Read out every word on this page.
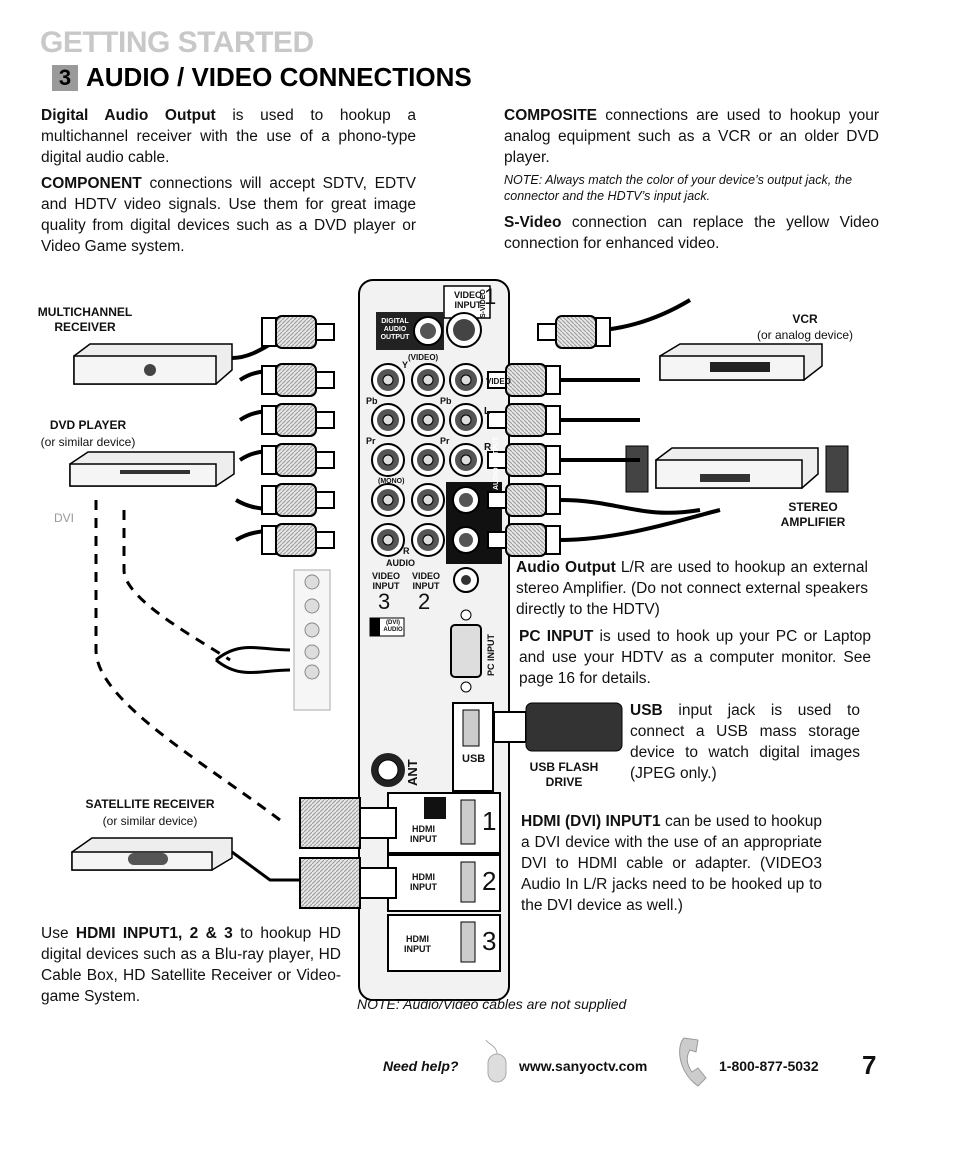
GETTING STARTED
3 AUDIO / VIDEO CONNECTIONS
Digital Audio Output is used to hookup a multichannel receiver with the use of a phono-type digital audio cable.
COMPONENT connections will accept SDTV, EDTV and HDTV video signals. Use them for great image quality from digital devices such as a DVD player or Video Game system.
COMPOSITE connections are used to hookup your analog equipment such as a VCR or an older DVD player.
NOTE: Always match the color of your device’s output jack, the connector and the HDTV’s input jack.
S-Video connection can replace the yellow Video connection for enhanced video.
VIDEO INPUT 1
DIGITAL AUDIO OUTPUT
(VIDEO)
S-VIDEO
Y
Pb	Pb
Pr	Pr
VIDEO
L
R
(MONO)
R
AUDIO
AUDIO OUTPUT
VIDEO INPUT
3
VIDEO INPUT
2
(DVI) AUDIO
PC INPUT
ANT
USB
HDMI
INPUT
1
HDMI
INPUT 2
HDMI
INPUT 3
MULTICHANNEL RECEIVER
VCR
(or analog device)
DVD PLAYER
(or similar device)
DVI
STEREO AMPLIFIER
SATELLITE RECEIVER
(or similar device)
USB FLASH DRIVE
Audio Output L/R are used to hookup an external stereo Amplifier. (Do not connect external speakers directly to the HDTV)
PC INPUT is used to hook up your PC or Laptop and use your HDTV as a computer monitor. See page 16 for details.
USB input jack is used to connect a USB mass storage device to watch digital images (JPEG only.)
HDMI (DVI) INPUT1 can be used to hookup a DVI device with the use of an appropriate DVI to HDMI cable or adapter. (VIDEO3 Audio In L/R jacks need to be hooked up to the DVI device as well.)
Use HDMI INPUT1, 2 & 3 to hookup HD digital devices such as a Blu-ray player, HD Cable Box, HD Satellite Receiver or Video-game System.	NOTE: Audio/Video cables are not supplied
Need help?	www.sanyoctv.com	1-800-877-5032 7
